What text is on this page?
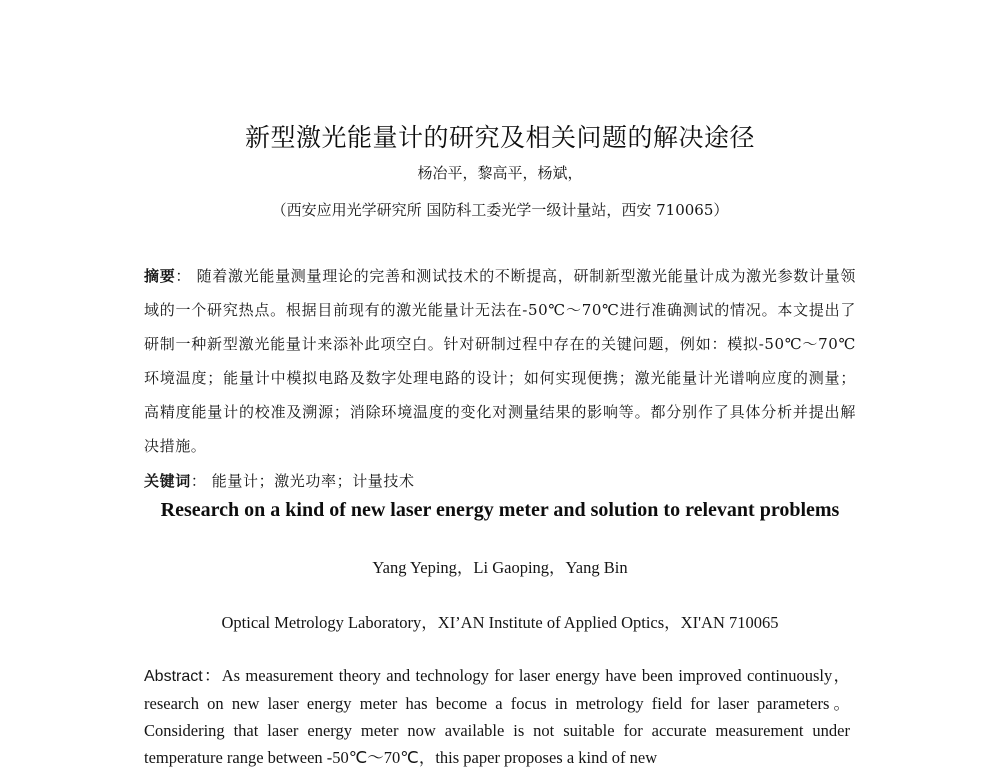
新型激光能量计的研究及相关问题的解决途径
杨冶平，黎高平，杨斌，
（西安应用光学研究所 国防科工委光学一级计量站，西安 710065）
摘要： 随着激光能量测量理论的完善和测试技术的不断提高，研制新型激光能量计成为激光参数计量领域的一个研究热点。根据目前现有的激光能量计无法在-50℃～70℃进行准确测试的情况。本文提出了研制一种新型激光能量计来添补此项空白。针对研制过程中存在的关键问题，例如：模拟-50℃～70℃环境温度；能量计中模拟电路及数字处理电路的设计；如何实现便携；激光能量计光谱响应度的测量；高精度能量计的校准及溯源；消除环境温度的变化对测量结果的影响等。都分别作了具体分析并提出解决措施。
关键词： 能量计；激光功率；计量技术
Research on a kind of new laser energy meter and solution to relevant problems
Yang Yeping，Li Gaoping，Yang Bin
Optical Metrology Laboratory，XI’AN Institute of Applied Optics，XI'AN 710065
Abstract：As measurement theory and technology for laser energy have been improved continuously，research on new laser energy meter has become a focus in metrology field for laser parameters。Considering that laser energy meter now available is not suitable for accurate measurement under temperature range between -50℃～70℃，this paper proposes a kind of new
